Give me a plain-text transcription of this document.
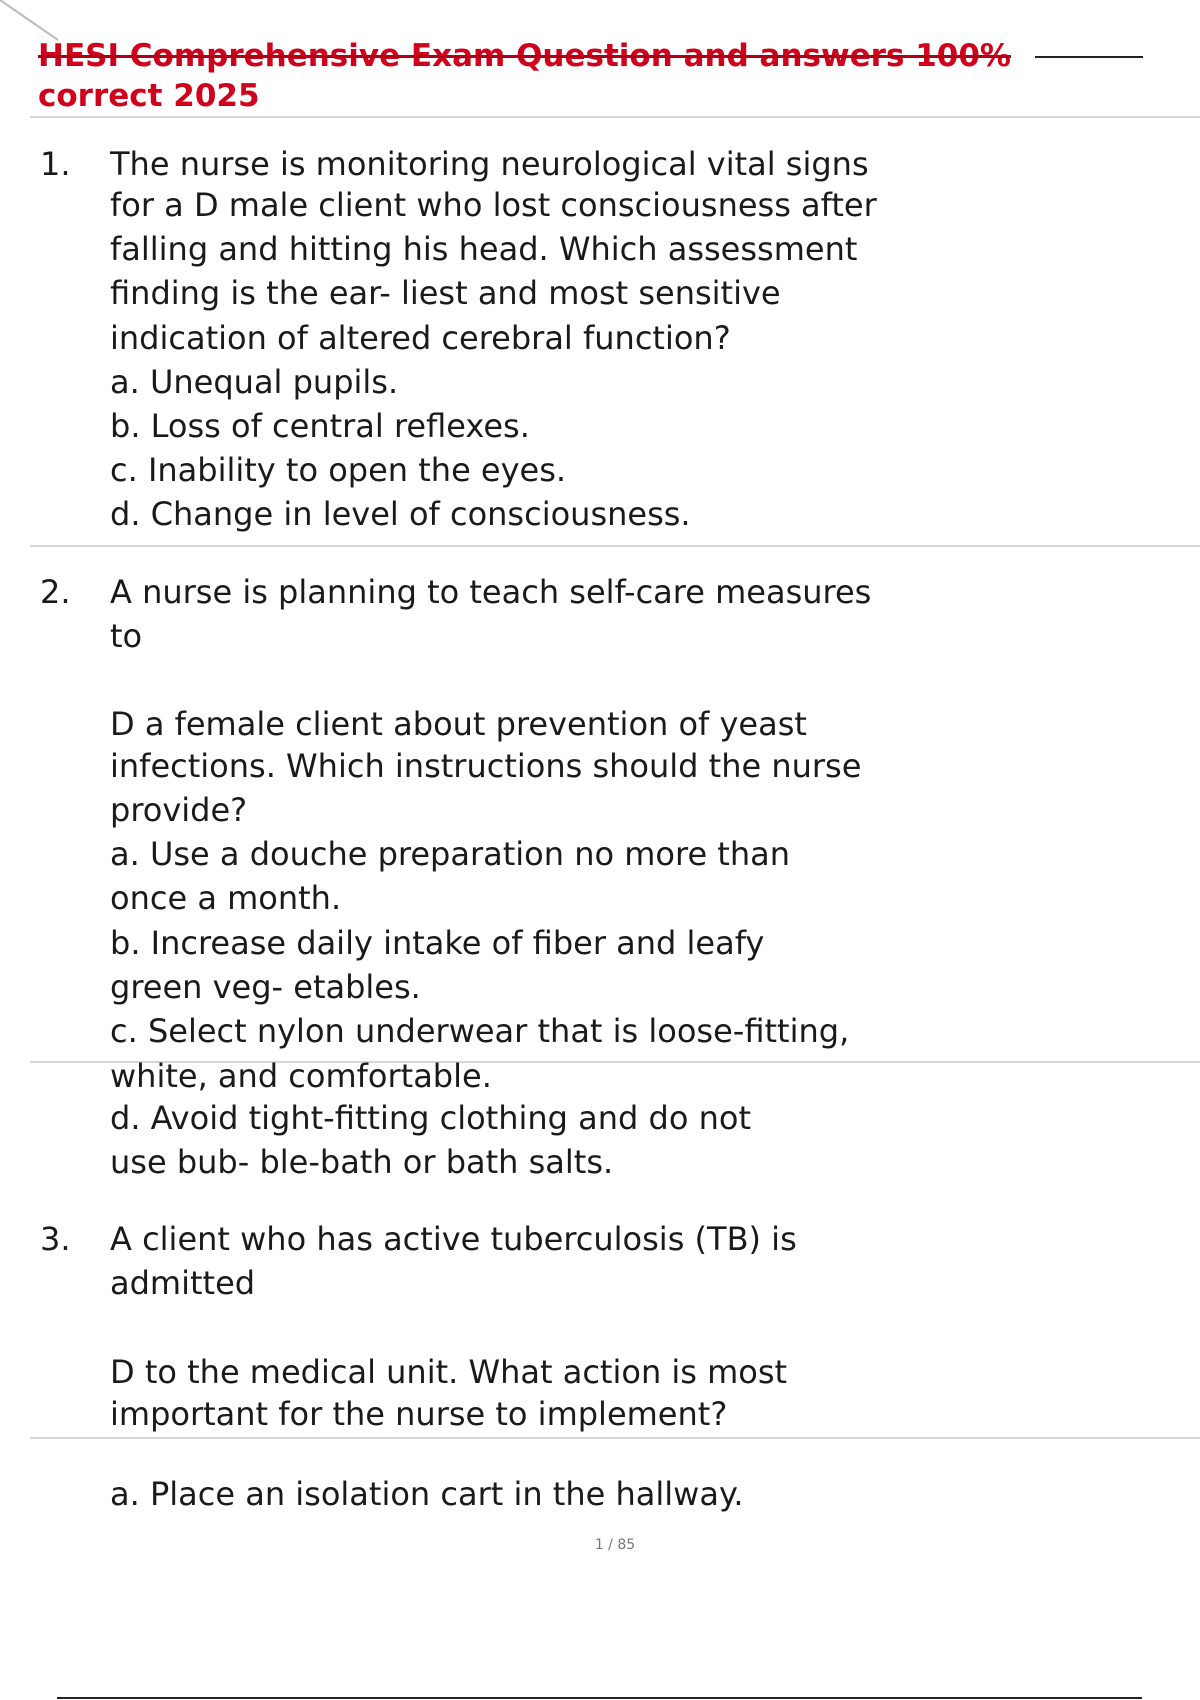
HESI Comprehensive Exam Question and answers 100%
correct 2025
1. The nurse is monitoring neurological vital signs
for a D male client who lost consciousness after
falling and hitting his head. Which assessment
finding is the ear- liest and most sensitive
indication of altered cerebral function?
a. Unequal pupils.
b. Loss of central reflexes.
c. Inability to open the eyes.
d. Change in level of consciousness.
2. A nurse is planning to teach self-care measures
to
D a female client about prevention of yeast
infections. Which instructions should the nurse
provide?
a. Use a douche preparation no more than
once a month.
b. Increase daily intake of fiber and leafy
green veg- etables.
c. Select nylon underwear that is loose-fitting,
white, and comfortable.
d. Avoid tight-fitting clothing and do not
use bub- ble-bath or bath salts.
3. A client who has active tuberculosis (TB) is
admitted
D to the medical unit. What action is most
important for the nurse to implement?
a. Place an isolation cart in the hallway.
1 / 85
